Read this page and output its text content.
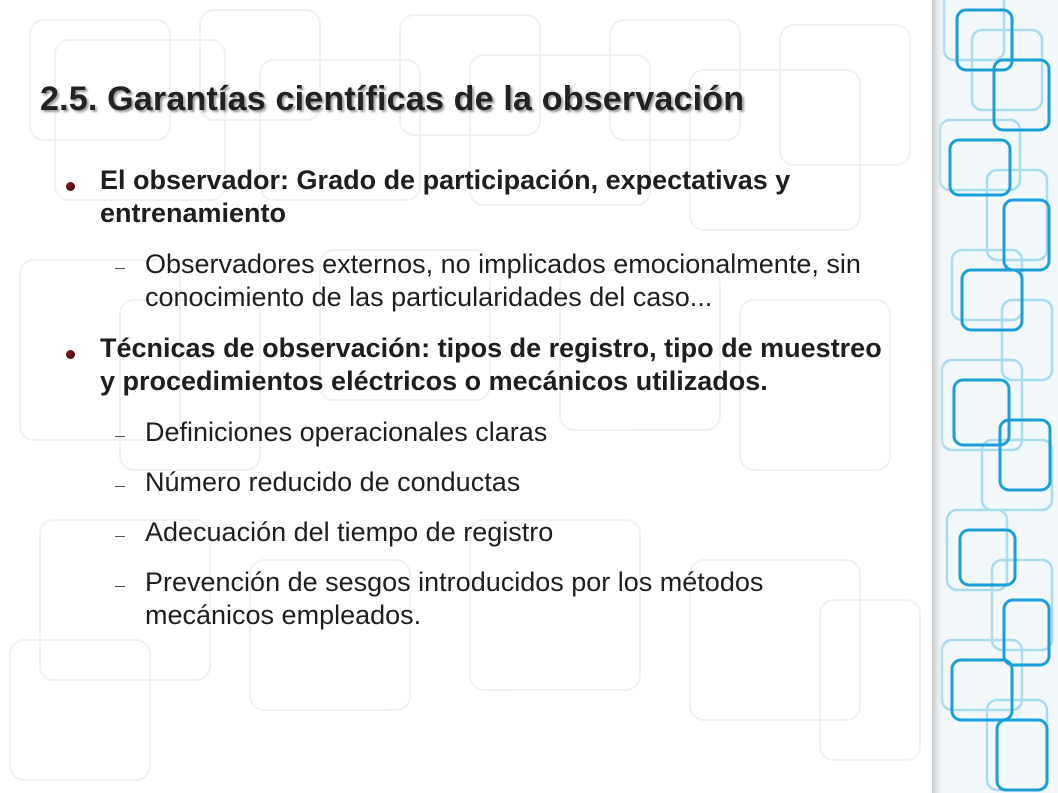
2.5. Garantías científicas de la observación
El observador: Grado de participación, expectativas y entrenamiento
Observadores externos, no implicados emocionalmente, sin conocimiento de las particularidades del caso...
Técnicas de observación: tipos de registro, tipo de muestreo y procedimientos eléctricos o mecánicos utilizados.
Definiciones operacionales claras
Número reducido de conductas
Adecuación del tiempo de registro
Prevención de sesgos introducidos por los métodos mecánicos empleados.
